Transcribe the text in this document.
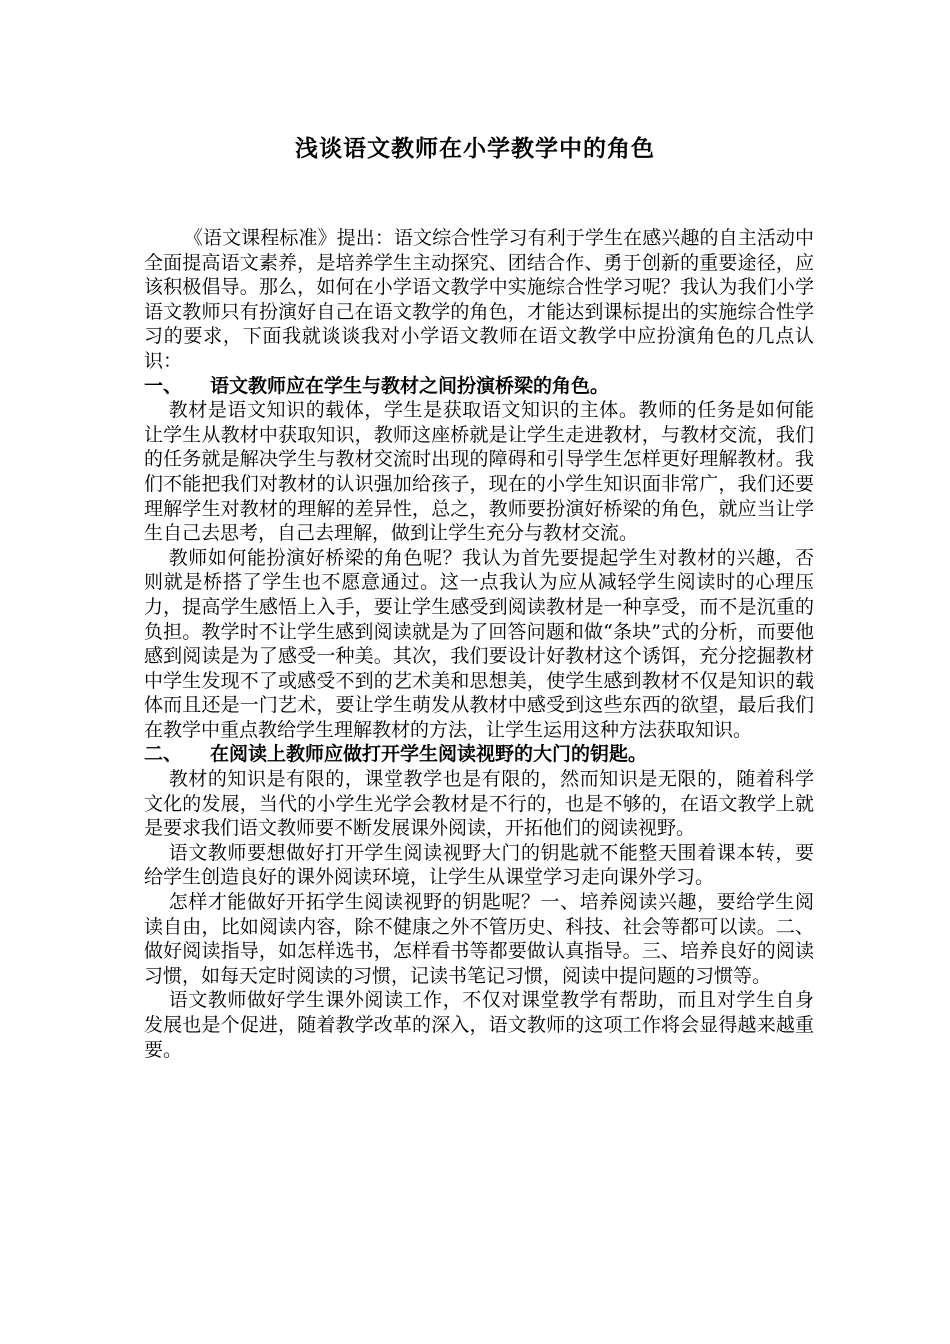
浅谈语文教师在小学教学中的角色

《语文课程标准》提出：语文综合性学习有利于学生在感兴趣的自主活动中全面提高语文素养，是培养学生主动探究、团结合作、勇于创新的重要途径，应该积极倡导。那么，如何在小学语文教学中实施综合性学习呢？我认为我们小学语文教师只有扮演好自己在语文教学的角色，才能达到课标提出的实施综合性学习的要求，下面我就谈谈我对小学语文教师在语文教学中应扮演角色的几点认识：

一、 语文教师应在学生与教材之间扮演桥梁的角色。

教材是语文知识的载体，学生是获取语文知识的主体。教师的任务是如何能让学生从教材中获取知识，教师这座桥就是让学生走进教材，与教材交流，我们的任务就是解决学生与教材交流时出现的障碍和引导学生怎样更好理解教材。我们不能把我们对教材的认识强加给孩子，现在的小学生知识面非常广，我们还要理解学生对教材的理解的差异性，总之，教师要扮演好桥梁的角色，就应当让学生自己去思考，自己去理解，做到让学生充分与教材交流。

教师如何能扮演好桥梁的角色呢？我认为首先要提起学生对教材的兴趣，否则就是桥搭了学生也不愿意通过。这一点我认为应从减轻学生阅读时的心理压力，提高学生感悟上入手，要让学生感受到阅读教材是一种享受，而不是沉重的负担。教学时不让学生感到阅读就是为了回答问题和做“条块”式的分析，而要他感到阅读是为了感受一种美。其次，我们要设计好教材这个诱饵，充分挖掘教材中学生发现不了或感受不到的艺术美和思想美，使学生感到教材不仅是知识的载体而且还是一门艺术，要让学生萌发从教材中感受到这些东西的欲望，最后我们在教学中重点教给学生理解教材的方法，让学生运用这种方法获取知识。

二、 在阅读上教师应做打开学生阅读视野的大门的钥匙。

教材的知识是有限的，课堂教学也是有限的，然而知识是无限的，随着科学文化的发展，当代的小学生光学会教材是不行的，也是不够的，在语文教学上就是要求我们语文教师要不断发展课外阅读，开拓他们的阅读视野。

语文教师要想做好打开学生阅读视野大门的钥匙就不能整天围着课本转，要给学生创造良好的课外阅读环境，让学生从课堂学习走向课外学习。

怎样才能做好开拓学生阅读视野的钥匙呢？一、培养阅读兴趣，要给学生阅读自由，比如阅读内容，除不健康之外不管历史、科技、社会等都可以读。二、做好阅读指导，如怎样选书，怎样看书等都要做认真指导。三、培养良好的阅读习惯，如每天定时阅读的习惯，记读书笔记习惯，阅读中提问题的习惯等。

语文教师做好学生课外阅读工作，不仅对课堂教学有帮助，而且对学生自身发展也是个促进，随着教学改革的深入，语文教师的这项工作将会显得越来越重要。
